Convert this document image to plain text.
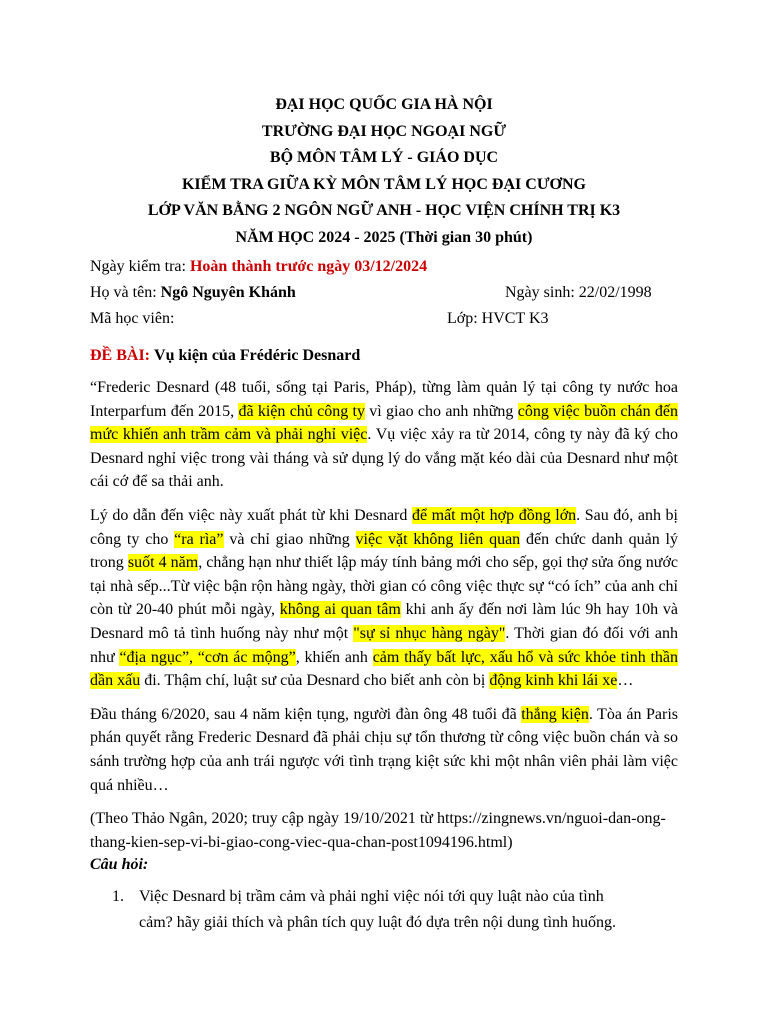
ĐẠI HỌC QUỐC GIA HÀ NỘI
TRƯỜNG ĐẠI HỌC NGOẠI NGỮ
BỘ MÔN TÂM LÝ - GIÁO DỤC
KIỂM TRA GIỮA KỲ MÔN TÂM LÝ HỌC ĐẠI CƯƠNG
LỚP VĂN BẰNG 2 NGÔN NGỮ ANH - HỌC VIỆN CHÍNH TRỊ K3
NĂM HỌC 2024 - 2025 (Thời gian 30 phút)
Ngày kiểm tra: Hoàn thành trước ngày 03/12/2024
Họ và tên: Ngô Nguyên Khánh	Ngày sinh: 22/02/1998
Mã học viên:	Lớp: HVCT K3
ĐỀ BÀI: Vụ kiện của Frédéric Desnard

“Frederic Desnard (48 tuổi, sống tại Paris, Pháp), từng làm quản lý tại công ty nước hoa Interparfum đến 2015, đã kiện chủ công ty vì giao cho anh những công việc buồn chán đến mức khiến anh trầm cảm và phải nghỉ việc. Vụ việc xảy ra từ 2014, công ty này đã ký cho Desnard nghỉ việc trong vài tháng và sử dụng lý do vắng mặt kéo dài của Desnard như một cái cớ để sa thải anh.

Lý do dẫn đến việc này xuất phát từ khi Desnard để mất một hợp đồng lớn. Sau đó, anh bị công ty cho “ra rìa” và chỉ giao những việc vặt không liên quan đến chức danh quản lý trong suốt 4 năm, chẳng hạn như thiết lập máy tính bảng mới cho sếp, gọi thợ sửa ống nước tại nhà sếp...Từ việc bận rộn hàng ngày, thời gian có công việc thực sự “có ích” của anh chỉ còn từ 20-40 phút mỗi ngày, không ai quan tâm khi anh ấy đến nơi làm lúc 9h hay 10h và Desnard mô tả tình huống này như một "sự sỉ nhục hàng ngày". Thời gian đó đối với anh như “địa ngục”, “cơn ác mộng”, khiến anh cảm thấy bất lực, xấu hổ và sức khỏe tinh thần dần xấu đi. Thậm chí, luật sư của Desnard cho biết anh còn bị động kinh khi lái xe…

Đầu tháng 6/2020, sau 4 năm kiện tụng, người đàn ông 48 tuổi đã thắng kiện. Tòa án Paris phán quyết rằng Frederic Desnard đã phải chịu sự tổn thương từ công việc buồn chán và so sánh trường hợp của anh trái ngược với tình trạng kiệt sức khi một nhân viên phải làm việc quá nhiều…

(Theo Thảo Ngân, 2020; truy cập ngày 19/10/2021 từ https://zingnews.vn/nguoi-dan-ong-thang-kien-sep-vi-bi-giao-cong-viec-qua-chan-post1094196.html)

Câu hỏi:

1. Việc Desnard bị trầm cảm và phải nghỉ việc nói tới quy luật nào của tình
cảm? hãy giải thích và phân tích quy luật đó dựa trên nội dung tình huống.
